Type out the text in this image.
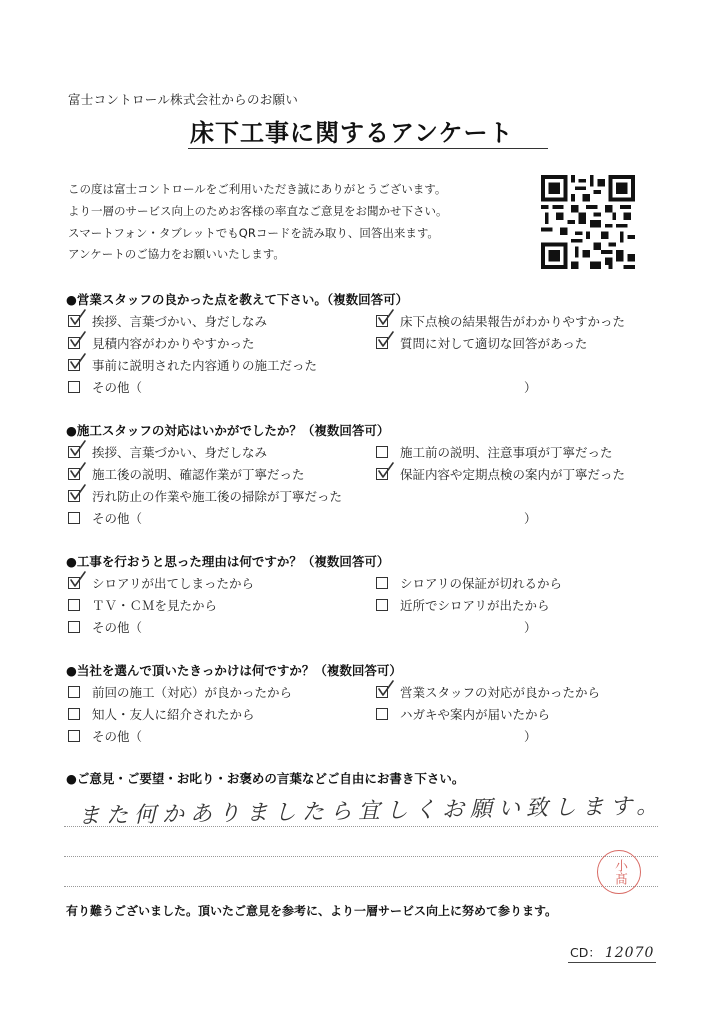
富士コントロール株式会社からのお願い
床下工事に関するアンケート
この度は富士コントロールをご利用いただき誠にありがとうございます。
より一層のサービス向上のためお客様の率直なご意見をお聞かせ下さい。
スマートフォン・タブレットでもQRコードを読み取り、回答出来ます。
アンケートのご協力をお願いいたします。
●営業スタッフの良かった点を教えて下さい。（複数回答可）
挨拶、言葉づかい、身だしなみ	床下点検の結果報告がわかりやすかった
見積内容がわかりやすかった	質問に対して適切な回答があった
事前に説明された内容通りの施工だった
その他（	）
●施工スタッフの対応はいかがでしたか？（複数回答可）
挨拶、言葉づかい、身だしなみ	施工前の説明、注意事項が丁寧だった
施工後の説明、確認作業が丁寧だった	保証内容や定期点検の案内が丁寧だった
汚れ防止の作業や施工後の掃除が丁寧だった
その他（	）
●工事を行おうと思った理由は何ですか？（複数回答可）
シロアリが出てしまったから	シロアリの保証が切れるから
ＴＶ・ＣＭを見たから	近所でシロアリが出たから
その他（	）
●当社を選んで頂いたきっかけは何ですか？（複数回答可）
前回の施工（対応）が良かったから	営業スタッフの対応が良かったから
知人・友人に紹介されたから	ハガキや案内が届いたから
その他（	）
●ご意見・ご要望・お叱り・お褒めの言葉などご自由にお書き下さい。
また何かありましたら宜しくお願い致します。
小髙
有り難うございました。頂いたご意見を参考に、より一層サービス向上に努めて参ります。
CD： 12070
